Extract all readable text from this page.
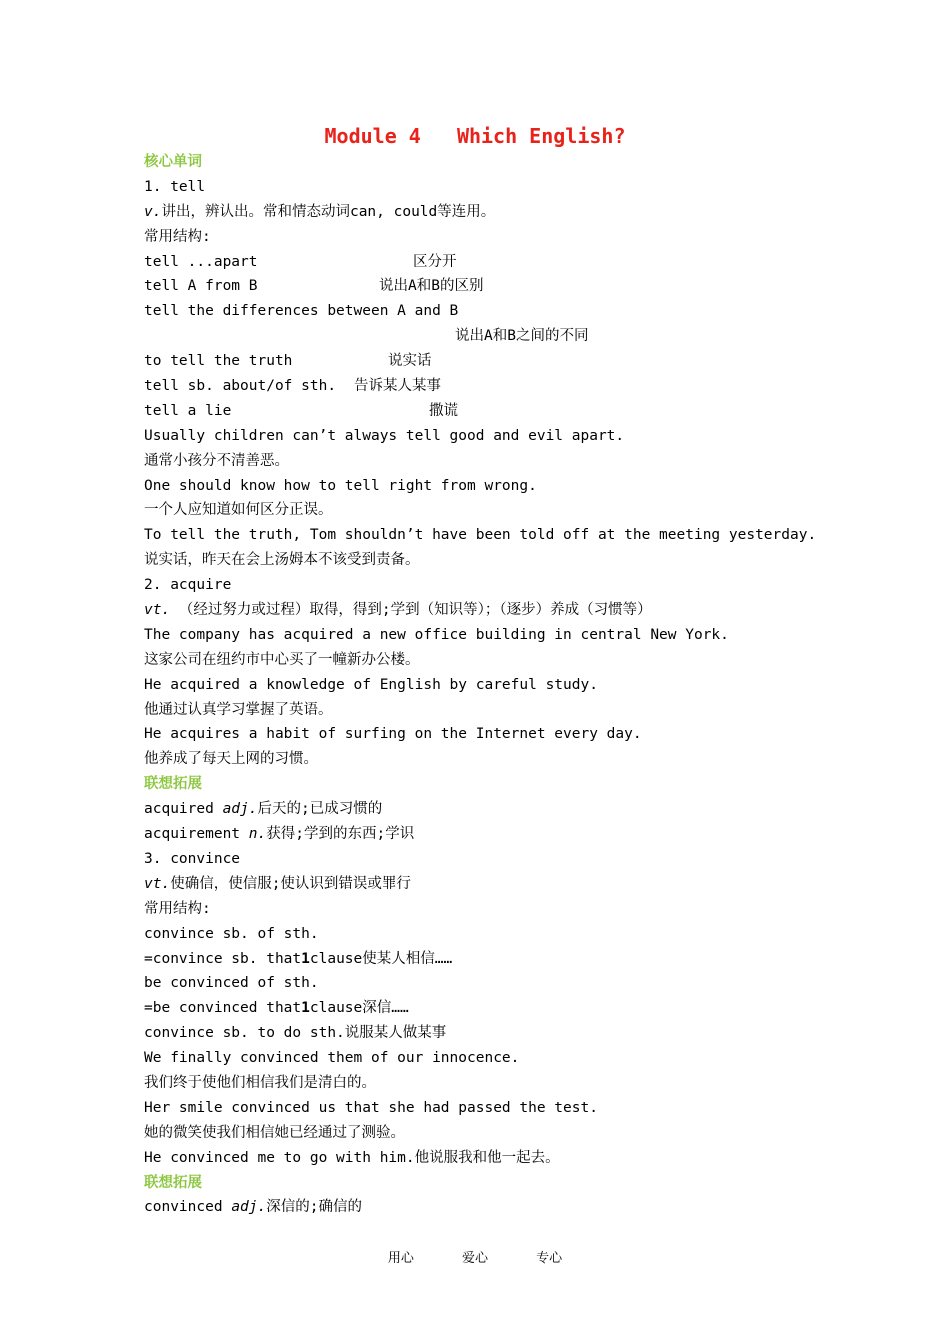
Module 4 Which English?
核心单词
1. tell
v.讲出，辨认出。常和情态动词can, could等连用。
常用结构:
tell ...apart	区分开
tell A from B	说出A和B的区别
tell the differences between A and B
说出A和B之间的不同
to tell the truth	说实话
tell sb. about/of sth. 告诉某人某事
tell a lie	撒谎
Usually children can’t always tell good and evil apart.
通常小孩分不清善恶。
One should know how to tell right from wrong.
一个人应知道如何区分正误。
To tell the truth, Tom shouldn’t have been told off at the meeting yesterday.
说实话，昨天在会上汤姆本不该受到责备。
2. acquire
vt. （经过努力或过程）取得，得到;学到（知识等）；（逐步）养成（习惯等）
The company has acquired a new office building in central New York.
这家公司在纽约市中心买了一幢新办公楼。
He acquired a knowledge of English by careful study.
他通过认真学习掌握了英语。
He acquires a habit of surfing on the Internet every day.
他养成了每天上网的习惯。
联想拓展
acquired adj.后天的;已成习惯的
acquirement n.获得;学到的东西;学识
3. convince
vt.使确信，使信服;使认识到错误或罪行
常用结构:
convince sb. of sth.
=convince sb. that1clause使某人相信……
be convinced of sth.
=be convinced that1clause深信……
convince sb. to do sth.说服某人做某事
We finally convinced them of our innocence.
我们终于使他们相信我们是清白的。
Her smile convinced us that she had passed the test.
她的微笑使我们相信她已经通过了测验。
He convinced me to go with him.他说服我和他一起去。
联想拓展
convinced adj.深信的;确信的
用心	爱心	专心
